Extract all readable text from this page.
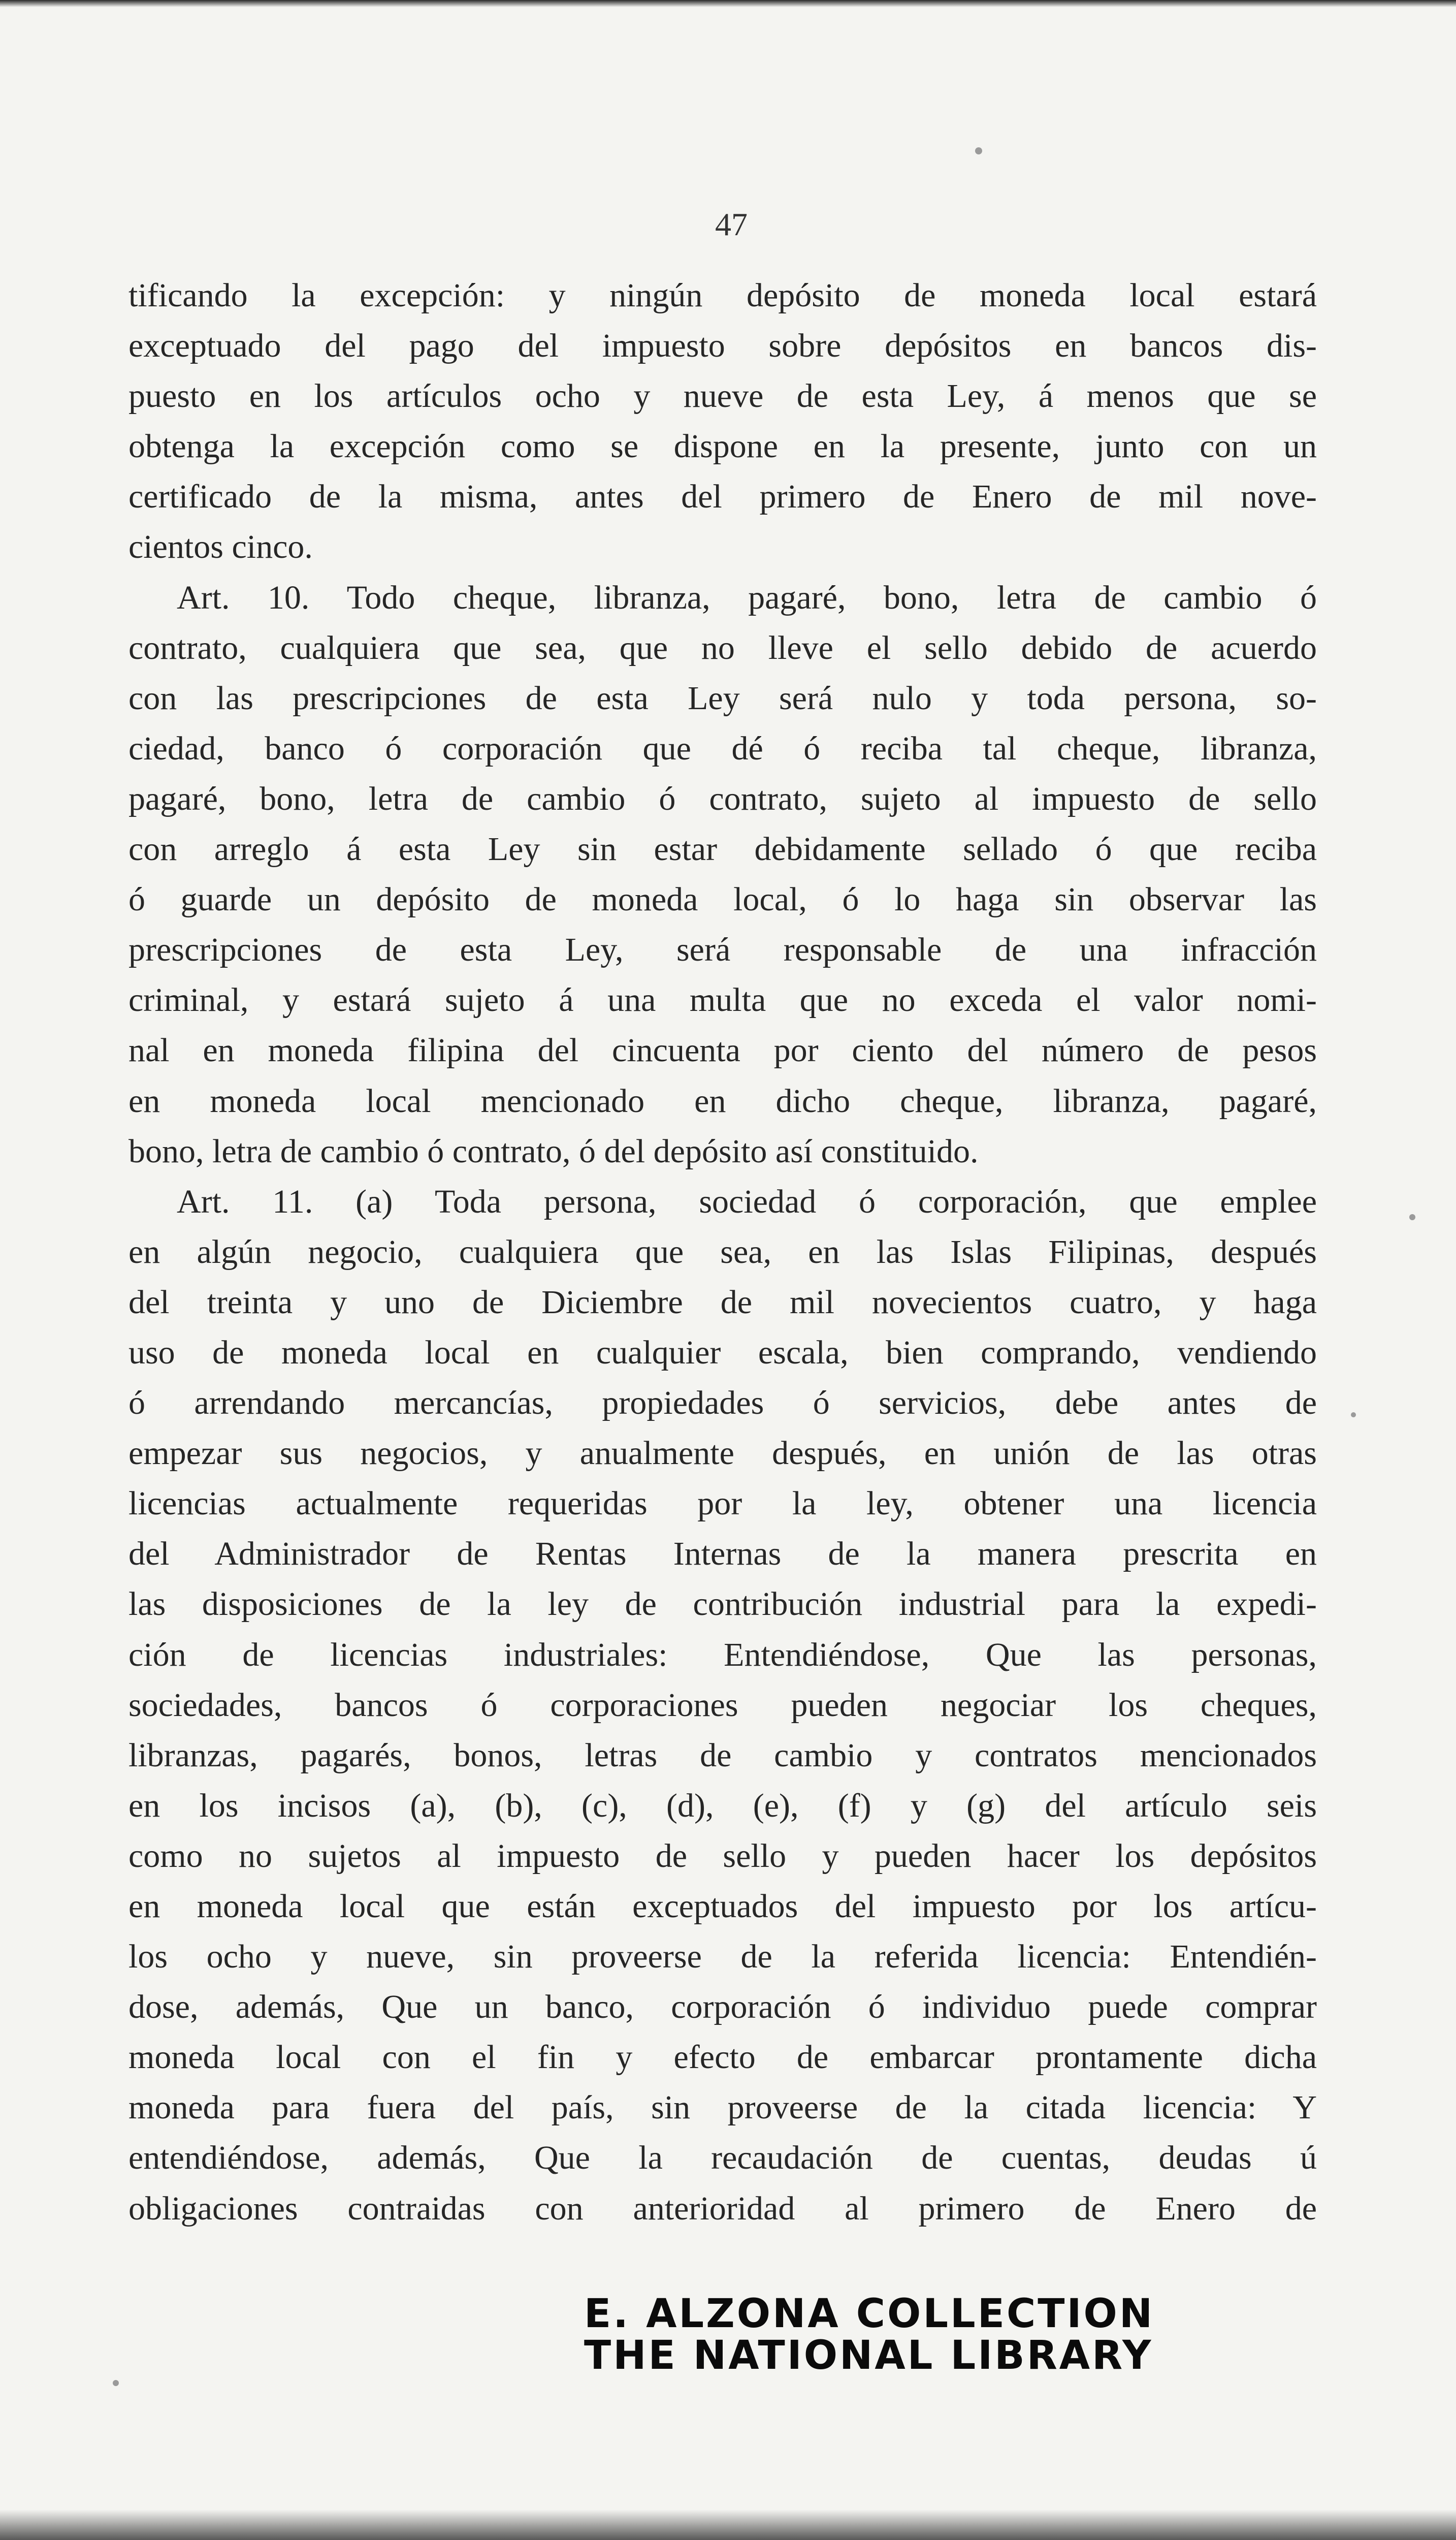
47
tificando la excepción: y ningún depósito de moneda local estará
exceptuado del pago del impuesto sobre depósitos en bancos dis-
puesto en los artículos ocho y nueve de esta Ley, á menos que se
obtenga la excepción como se dispone en la presente, junto con un
certificado de la misma, antes del primero de Enero de mil nove-
cientos cinco.
Art. 10. Todo cheque, libranza, pagaré, bono, letra de cambio ó
contrato, cualquiera que sea, que no lleve el sello debido de acuerdo
con las prescripciones de esta Ley será nulo y toda persona, so-
ciedad, banco ó corporación que dé ó reciba tal cheque, libranza,
pagaré, bono, letra de cambio ó contrato, sujeto al impuesto de sello
con arreglo á esta Ley sin estar debidamente sellado ó que reciba
ó guarde un depósito de moneda local, ó lo haga sin observar las
prescripciones de esta Ley, será responsable de una infracción
criminal, y estará sujeto á una multa que no exceda el valor nomi-
nal en moneda filipina del cincuenta por ciento del número de pesos
en moneda local mencionado en dicho cheque, libranza, pagaré,
bono, letra de cambio ó contrato, ó del depósito así constituido.
Art. 11. (a) Toda persona, sociedad ó corporación, que emplee
en algún negocio, cualquiera que sea, en las Islas Filipinas, después
del treinta y uno de Diciembre de mil novecientos cuatro, y haga
uso de moneda local en cualquier escala, bien comprando, vendiendo
ó arrendando mercancías, propiedades ó servicios, debe antes de
empezar sus negocios, y anualmente después, en unión de las otras
licencias actualmente requeridas por la ley, obtener una licencia
del Administrador de Rentas Internas de la manera prescrita en
las disposiciones de la ley de contribución industrial para la expedi-
ción de licencias industriales: Entendiéndose, Que las personas,
sociedades, bancos ó corporaciones pueden negociar los cheques,
libranzas, pagarés, bonos, letras de cambio y contratos mencionados
en los incisos (a), (b), (c), (d), (e), (f) y (g) del artículo seis
como no sujetos al impuesto de sello y pueden hacer los depósitos
en moneda local que están exceptuados del impuesto por los artícu-
los ocho y nueve, sin proveerse de la referida licencia: Entendién-
dose, además, Que un banco, corporación ó individuo puede comprar
moneda local con el fin y efecto de embarcar prontamente dicha
moneda para fuera del país, sin proveerse de la citada licencia: Y
entendiéndose, además, Que la recaudación de cuentas, deudas ú
obligaciones contraidas con anterioridad al primero de Enero de
E. ALZONA COLLECTION
THE NATIONAL LIBRARY
